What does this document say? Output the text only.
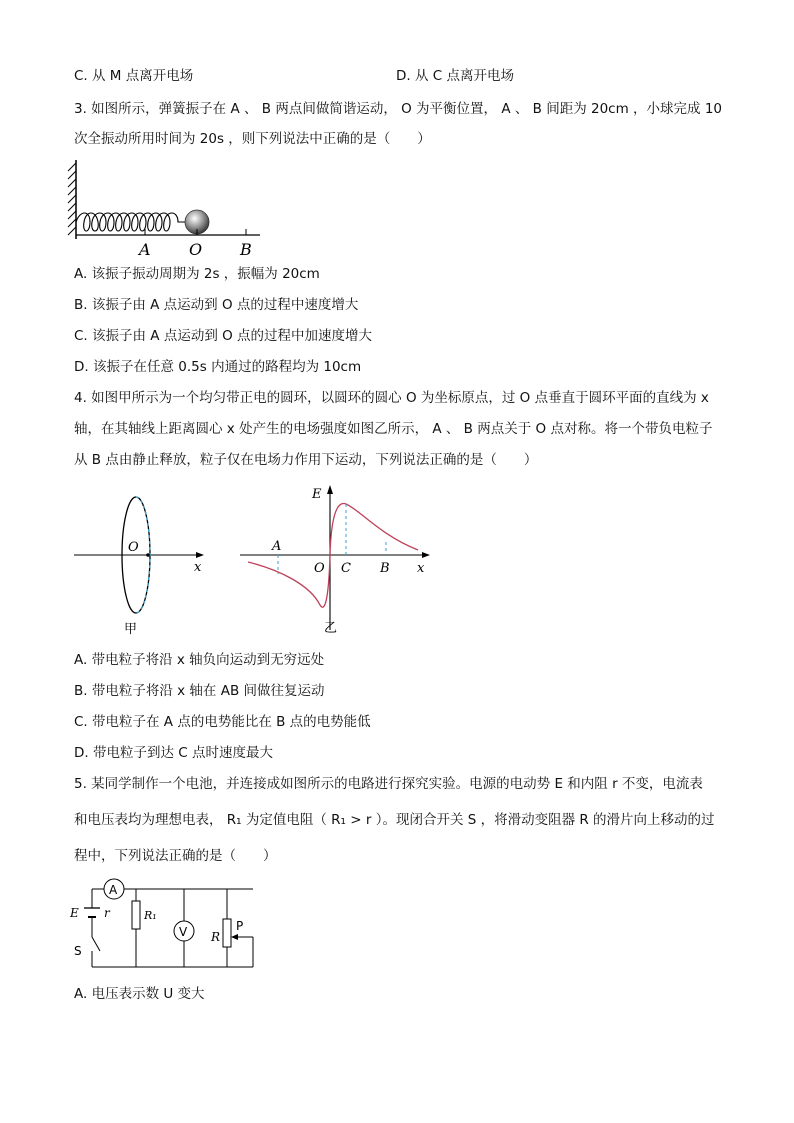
C. 从 M 点离开电场	D. 从 C 点离开电场
3. 如图所示，弹簧振子在 A 、 B 两点间做简谐运动， O 为平衡位置， A 、 B 间距为 20cm ，小球完成 10
次全振动所用时间为 20s ，则下列说法中正确的是（　　）
A O B
A. 该振子振动周期为 2s ，振幅为 20cm
B. 该振子由 A 点运动到 O 点的过程中速度增大
C. 该振子由 A 点运动到 O 点的过程中加速度增大
D. 该振子在任意 0.5s 内通过的路程均为 10cm
4. 如图甲所示为一个均匀带正电的圆环，以圆环的圆心 O 为坐标原点，过 O 点垂直于圆环平面的直线为 x
轴，在其轴线上距离圆心 x 处产生的电场强度如图乙所示， A 、 B 两点关于 O 点对称。将一个带负电粒子
从 B 点由静止释放，粒子仅在电场力作用下运动，下列说法正确的是（　　）
O
x
甲
E
A
O C B x
乙
A. 带电粒子将沿 x 轴负向运动到无穷远处
B. 带电粒子将沿 x 轴在 AB 间做往复运动
C. 带电粒子在 A 点的电势能比在 B 点的电势能低
D. 带电粒子到达 C 点时速度最大
5. 某同学制作一个电池，并连接成如图所示的电路进行探究实验。电源的电动势 E 和内阻 r 不变，电流表
和电压表均为理想电表， R₁ 为定值电阻（ R₁ > r ）。现闭合开关 S ，将滑动变阻器 R 的滑片向上移动的过
程中，下列说法正确的是（　　）
A
R₁
V R
P
E r
S
A. 电压表示数 U 变大
